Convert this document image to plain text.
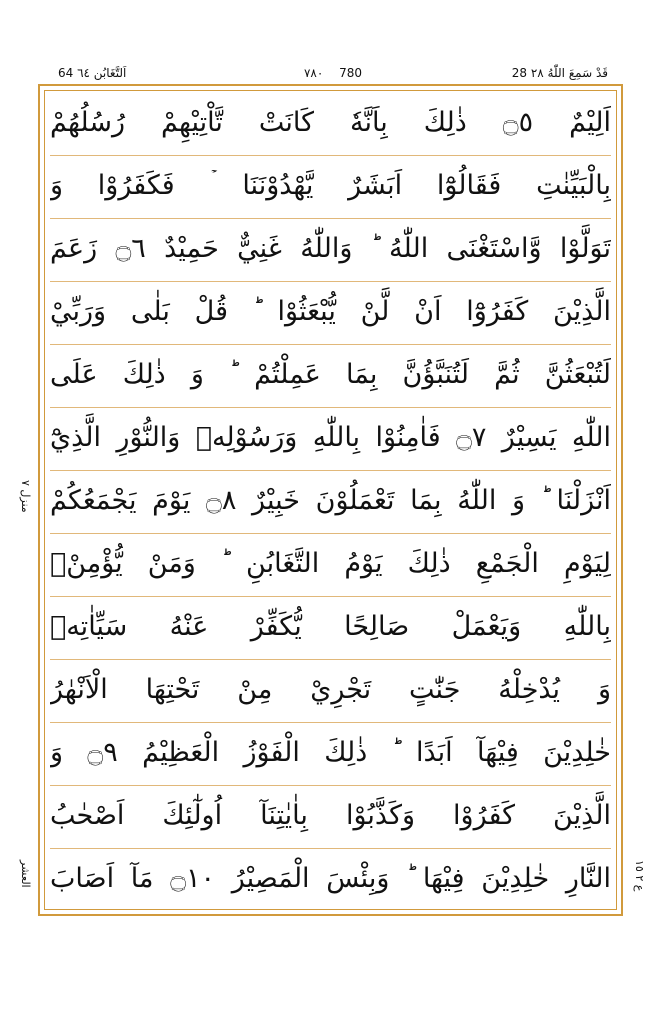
64 اَلتَّغَابُن ٦٤	٧٨٠ 780	28 قَدْ سَمِعَ اللّٰهُ ٢٨
منزل ٧
العشر	ع ٢ ١٥
اَلِيْمٌ ۝٥ ذٰلِكَ بِاَنَّهٗ كَانَتْ تَّاْتِيْهِمْ رُسُلُهُمْ
بِالْبَيِّنٰتِ فَقَالُوْٓا اَبَشَرٌ يَّهْدُوْنَنَا ۡ فَكَفَرُوْا وَ
تَوَلَّوْا وَّاسْتَغْنَى اللّٰهُ ؕ وَاللّٰهُ غَنِيٌّ حَمِيْدٌ ۝٦ زَعَمَ
الَّذِيْنَ كَفَرُوْٓا اَنْ لَّنْ يُّبْعَثُوْا ؕ قُلْ بَلٰى وَرَبِّيْ
لَتُبْعَثُنَّ ثُمَّ لَتُنَبَّؤُنَّ بِمَا عَمِلْتُمْ ؕ وَ ذٰلِكَ عَلَى
اللّٰهِ يَسِيْرٌ ۝٧ فَاٰمِنُوْا بِاللّٰهِ وَرَسُوْلِهٖ وَالنُّوْرِ الَّذِيْٓ
اَنْزَلْنَا ؕ وَ اللّٰهُ بِمَا تَعْمَلُوْنَ خَبِيْرٌ ۝٨ يَوْمَ يَجْمَعُكُمْ
لِيَوْمِ الْجَمْعِ ذٰلِكَ يَوْمُ التَّغَابُنِ ؕ وَمَنْ يُّؤْمِنْۢ
بِاللّٰهِ وَيَعْمَلْ صَالِحًا يُّكَفِّرْ عَنْهُ سَيِّاٰتِهٖ
وَ يُدْخِلْهُ جَنّٰتٍ تَجْرِيْ مِنْ تَحْتِهَا الْاَنْهٰرُ
خٰلِدِيْنَ فِيْهَآ اَبَدًا ؕ ذٰلِكَ الْفَوْزُ الْعَظِيْمُ ۝٩ وَ
الَّذِيْنَ كَفَرُوْا وَكَذَّبُوْا بِاٰيٰتِنَآ اُولٰٓئِكَ اَصْحٰبُ
النَّارِ خٰلِدِيْنَ فِيْهَا ؕ وَبِئْسَ الْمَصِيْرُ ۝١٠ مَآ اَصَابَ
